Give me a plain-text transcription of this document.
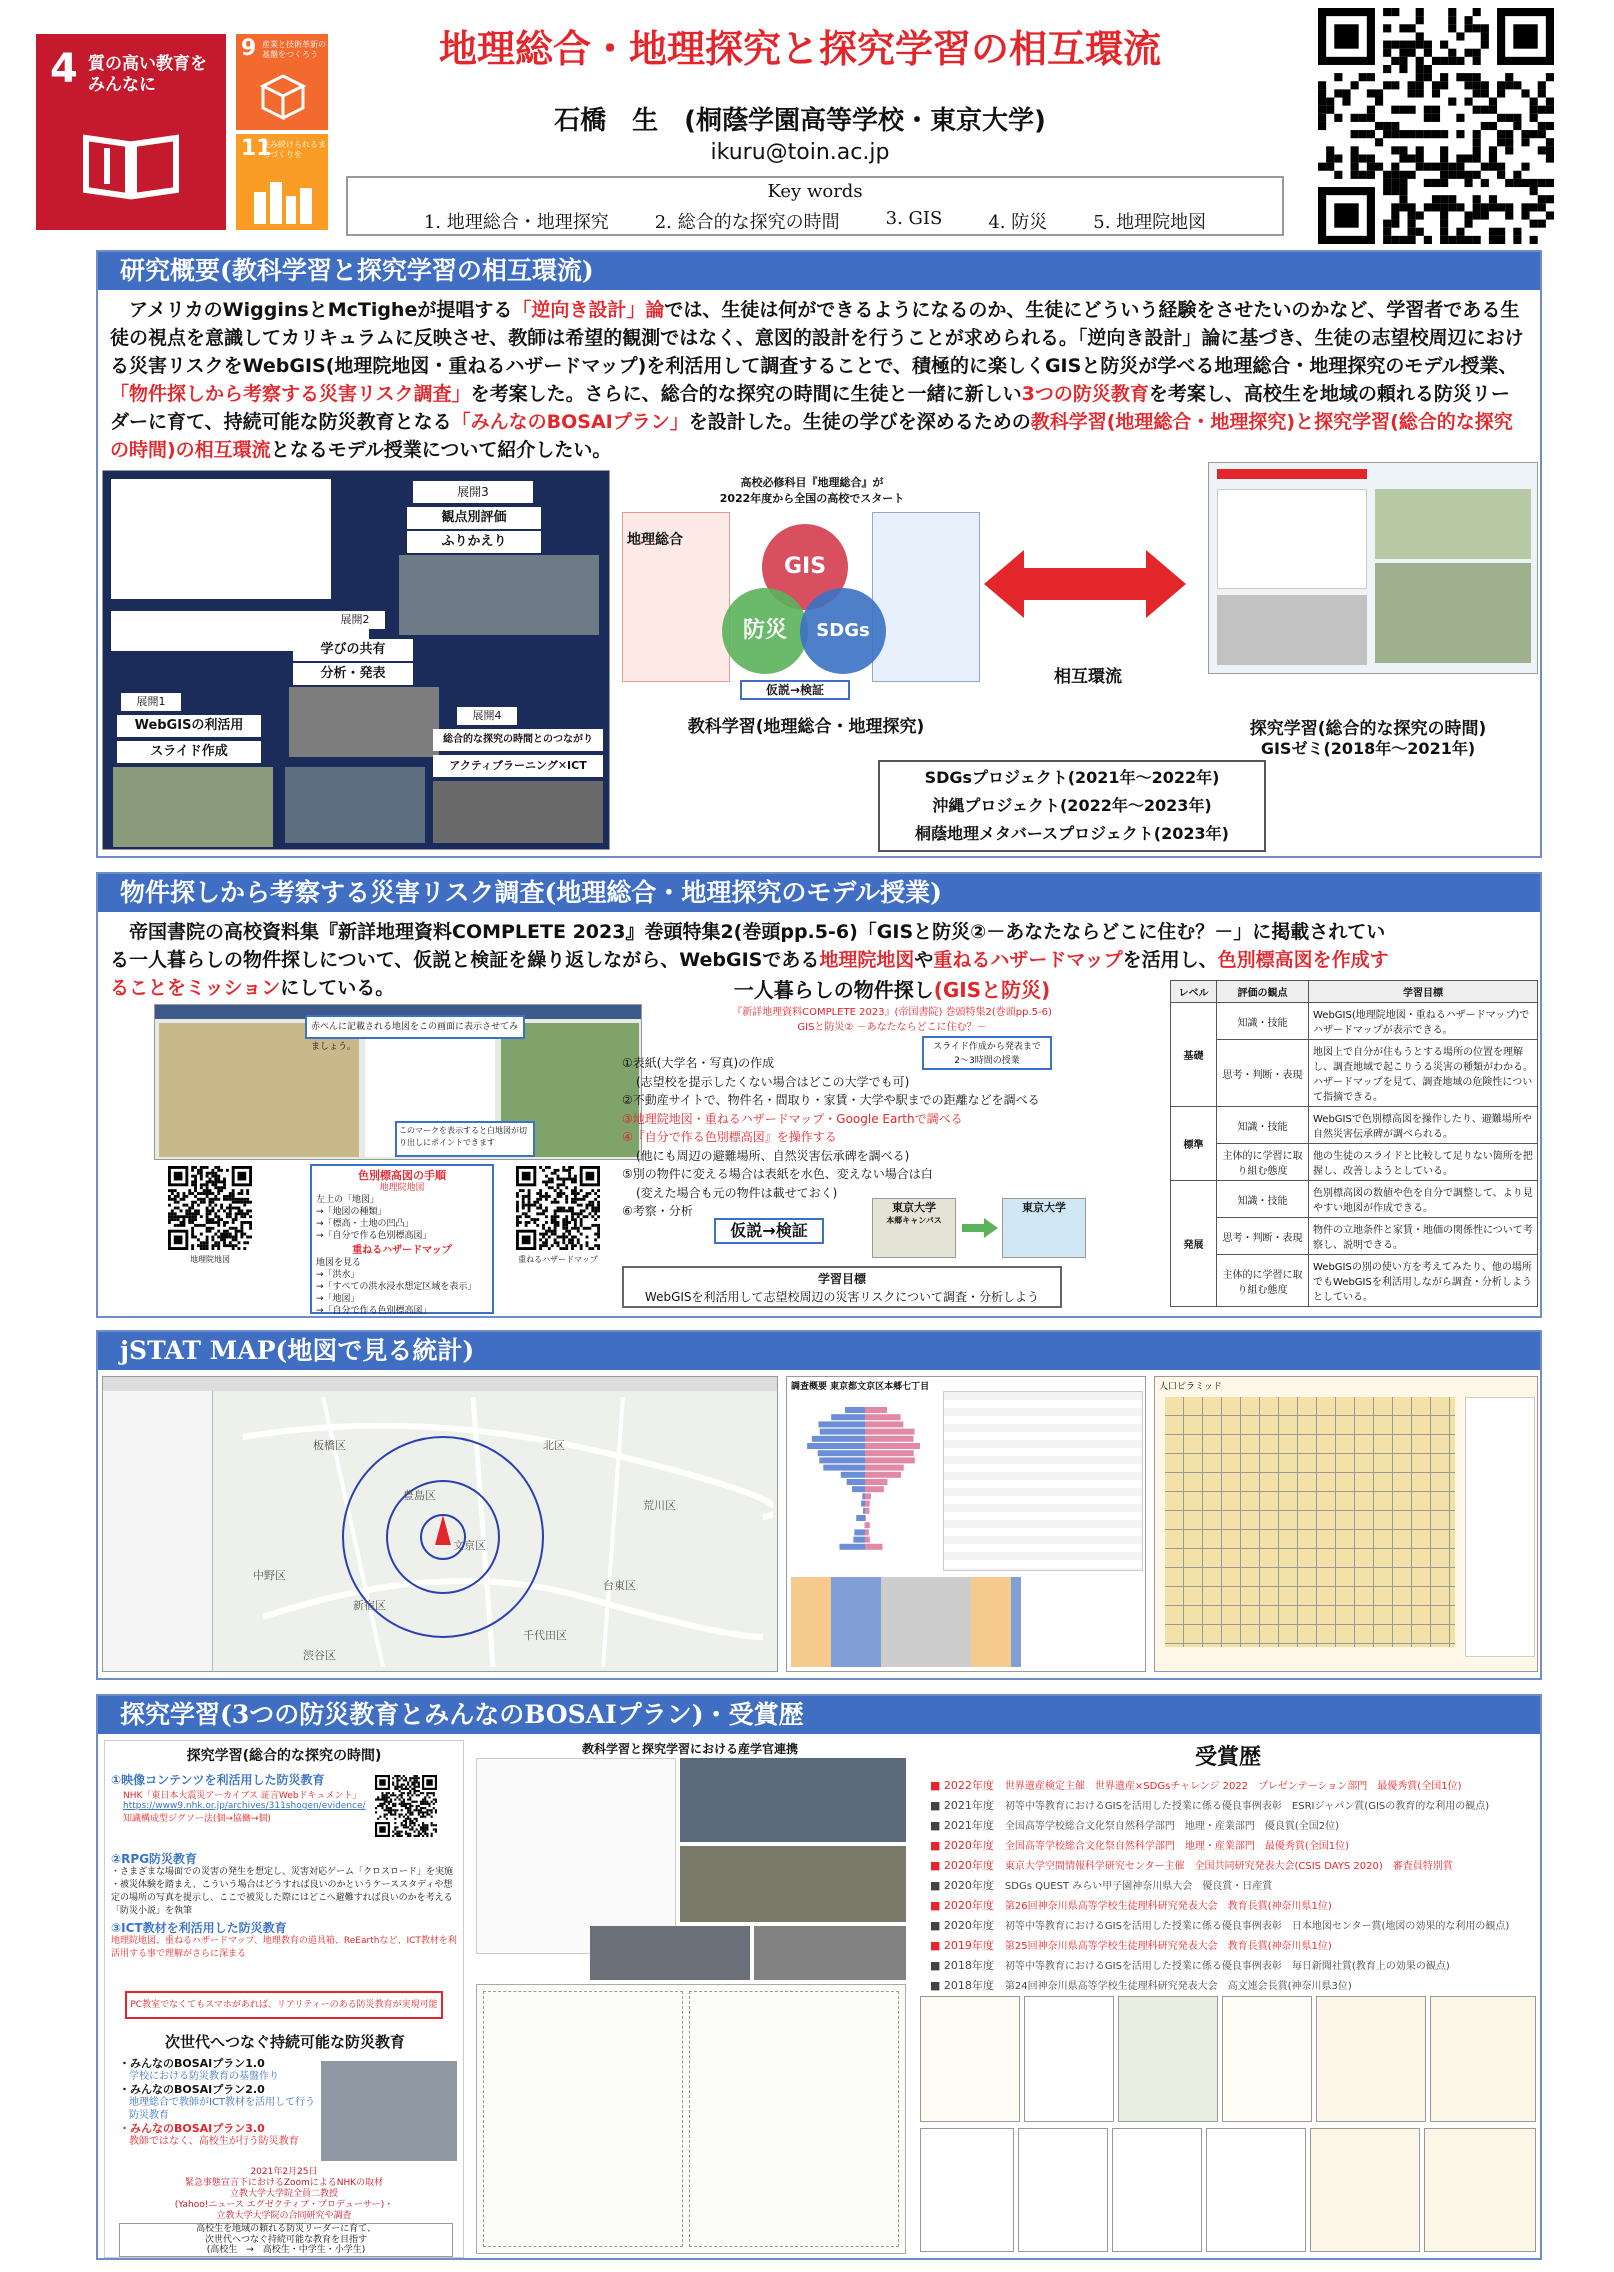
4 質の高い教育を
みんなに
9 産業と技術革新の基盤をつくろう
11
住み続けられるまちづくりを
地理総合・地理探究と探究学習の相互環流
石橋　生　(桐蔭学園高等学校・東京大学)
ikuru@toin.ac.jp
Key words
1. 地理総合・地理探究	2. 総合的な探究の時間	3. GIS	4. 防災	5. 地理院地図
研究概要(教科学習と探究学習の相互環流)
アメリカのWigginsとMcTigheが提唱する「逆向き設計」論では、生徒は何ができるようになるのか、生徒にどういう経験をさせたいのかなど、学習者である生徒の視点を意識してカリキュラムに反映させ、教師は希望的観測ではなく、意図的設計を行うことが求められる。「逆向き設計」論に基づき、生徒の志望校周辺における災害リスクをWebGIS(地理院地図・重ねるハザードマップ)を利活用して調査することで、積極的に楽しくGISと防災が学べる地理総合・地理探究のモデル授業、「物件探しから考察する災害リスク調査」を考案した。さらに、総合的な探究の時間に生徒と一緒に新しい3つの防災教育を考案し、高校生を地域の頼れる防災リーダーに育て、持続可能な防災教育となる「みんなのBOSAIプラン」を設計した。生徒の学びを深めるための教科学習(地理総合・地理探究)と探究学習(総合的な探究の時間)の相互環流となるモデル授業について紹介したい。
展開3
観点別評価
ふりかえり
展開2
学びの共有
分析・発表
展開1
WebGISの利活用
スライド作成
展開4
総合的な探究の時間とのつながり
アクティブラーニング✕ICT
高校必修科目『地理総合』が
2022年度から全国の高校でスタート
地理総合
GIS
防災	SDGs
仮説→検証
相互環流
教科学習(地理総合・地理探究)	探究学習(総合的な探究の時間)
GISゼミ(2018年〜2021年)
SDGsプロジェクト(2021年〜2022年)
沖縄プロジェクト(2022年〜2023年)
桐蔭地理メタバースプロジェクト(2023年)
物件探しから考察する災害リスク調査(地理総合・地理探究のモデル授業)
帝国書院の高校資料集『新詳地理資料COMPLETE 2023』巻頭特集2(巻頭pp.5-6)「GISと防災②－あなたならどこに住む？－」に掲載されている一人暮らしの物件探しについて、仮説と検証を繰り返しながら、WebGISである地理院地図や重ねるハザードマップを活用し、色別標高図を作成することをミッションにしている。
赤ぺんに記載される地図をこの画面に表示させてみましょう。
このマークを表示すると白地図が切り出しにポイントできます
地理院地図
色別標高図の手順
地理院地図
左上の「地図」
→「地図の種類」
→「標高・土地の凹凸」
→「自分で作る色別標高図」
重ねるハザードマップ
地図を見る
→「洪水」
→「すべての洪水浸水想定区域を表示」
→「地図」
→「自分で作る色別標高図」
重ねるハザードマップ
一人暮らしの物件探し(GISと防災)
『新詳地理資料COMPLETE 2023』(帝国書院) 巻頭特集2(巻頭pp.5-6)
GISと防災② －あなたならどこに住む？－
スライド作成から発表まで
2〜3時間の授業
①表紙(大学名・写真)の作成
(志望校を提示したくない場合はどこの大学でも可)
②不動産サイトで、物件名・間取り・家賃・大学や駅までの距離などを調べる
③地理院地図・重ねるハザードマップ・Google Earthで調べる
④『自分で作る色別標高図』を操作する
(他にも周辺の避難場所、自然災害伝承碑を調べる)
⑤別の物件に変える場合は表紙を水色、変えない場合は白
(変えた場合も元の物件は載せておく)
⑥考察・分析
仮説→検証
東京大学
本郷キャンパス
東京大学
学習目標
WebGISを利活用して志望校周辺の災害リスクについて調査・分析しよう
レベル	評価の観点	学習目標
基礎	知識・技能	WebGIS(地理院地図・重ねるハザードマップ)でハザードマップが表示できる。
	思考・判断・表現	地図上で自分が住もうとする場所の位置を理解し、調査地域で起こりうる災害の種類がわかる。ハザードマップを見て、調査地域の危険性について指摘できる。
標準	知識・技能	WebGISで色別標高図を操作したり、避難場所や自然災害伝承碑が調べられる。
	主体的に学習に取り組む態度	他の生徒のスライドと比較して足りない箇所を把握し、改善しようとしている。
発展	知識・技能	色別標高図の数値や色を自分で調整して、より見やすい地図が作成できる。
	思考・判断・表現	物件の立地条件と家賃・地価の関係性について考察し、説明できる。
	主体的に学習に取り組む態度	WebGISの別の使い方を考えてみたり、他の場所でもWebGISを利活用しながら調査・分析しようとしている。
jSTAT MAP(地図で見る統計)
板橋区	北区
荒川区
豊島区
文京区
台東区
新宿区
中野区
千代田区
渋谷区
調査概要 東京都文京区本郷七丁目	人口ピラミッド
探究学習(3つの防災教育とみんなのBOSAIプラン)・受賞歴
探究学習(総合的な探究の時間)
①映像コンテンツを利活用した防災教育
NHK「東日本大震災アーカイブス 証言Webドキュメント」
https://www9.nhk.or.jp/archives/311shogen/evidence/
知識構成型ジグソー法(個→協働→個)
②RPG防災教育
・さまざまな場面での災害の発生を想定し、災害対応ゲーム「クロスロード」を実施
・被災体験を踏まえ、こういう場合はどうすれば良いのかというケーススタディや想定の場所の写真を提示し、ここで被災した際にはどこへ避難すれば良いのかを考える「防災小説」を執筆
③ICT教材を利活用した防災教育
地理院地図、重ねるハザードマップ、地理教育の道具箱、ReEarthなど、ICT教材を利活用する事で理解がさらに深まる
PC教室でなくてもスマホがあれば、リアリティーのある防災教育が実現可能
次世代へつなぐ持続可能な防災教育
・みんなのBOSAIプラン1.0
学校における防災教育の基盤作り
・みんなのBOSAIプラン2.0
地理総合で教師がICT教材を活用して行う防災教育
・みんなのBOSAIプラン3.0
教師ではなく、高校生が行う防災教育
2021年2月25日
緊急事態宣言下におけるZoomによるNHKの取材
立教大学大学院全員二教授
(Yahoo!ニュース エグゼクティブ・プロデューサー)・
立教大学大学院の合同研究や調査
高校生を地域の頼れる防災リーダーに育て、
次世代へつなぐ持続可能な教育を目指す
(高校生　→　高校生・中学生・小学生)
教科学習と探究学習における産学官連携	受賞歴
■ 2022年度　世界遺産検定主催　世界遺産×SDGsチャレンジ 2022　プレゼンテーション部門　最優秀賞(全国1位)
■ 2021年度　初等中等教育におけるGISを活用した授業に係る優良事例表彰　ESRIジャパン賞(GISの教育的な利用の観点)
■ 2021年度　全国高等学校総合文化祭自然科学部門　地理・産業部門　優良賞(全国2位)
■ 2020年度　全国高等学校総合文化祭自然科学部門　地理・産業部門　最優秀賞(全国1位)
■ 2020年度　東京大学空間情報科学研究センター主催　全国共同研究発表大会(CSIS DAYS 2020)　審査員特別賞
■ 2020年度　SDGs QUEST みらい甲子園神奈川県大会　優良賞・日産賞
■ 2020年度　第26回神奈川県高等学校生徒理科研究発表大会　教育長賞(神奈川県1位)
■ 2020年度　初等中等教育におけるGISを活用した授業に係る優良事例表彰　日本地図センター賞(地図の効果的な利用の観点)
■ 2019年度　第25回神奈川県高等学校生徒理科研究発表大会　教育長賞(神奈川県1位)
■ 2018年度　初等中等教育におけるGISを活用した授業に係る優良事例表彰　毎日新聞社賞(教育上の効果の観点)
■ 2018年度　第24回神奈川県高等学校生徒理科研究発表大会　高文連会長賞(神奈川県3位)
